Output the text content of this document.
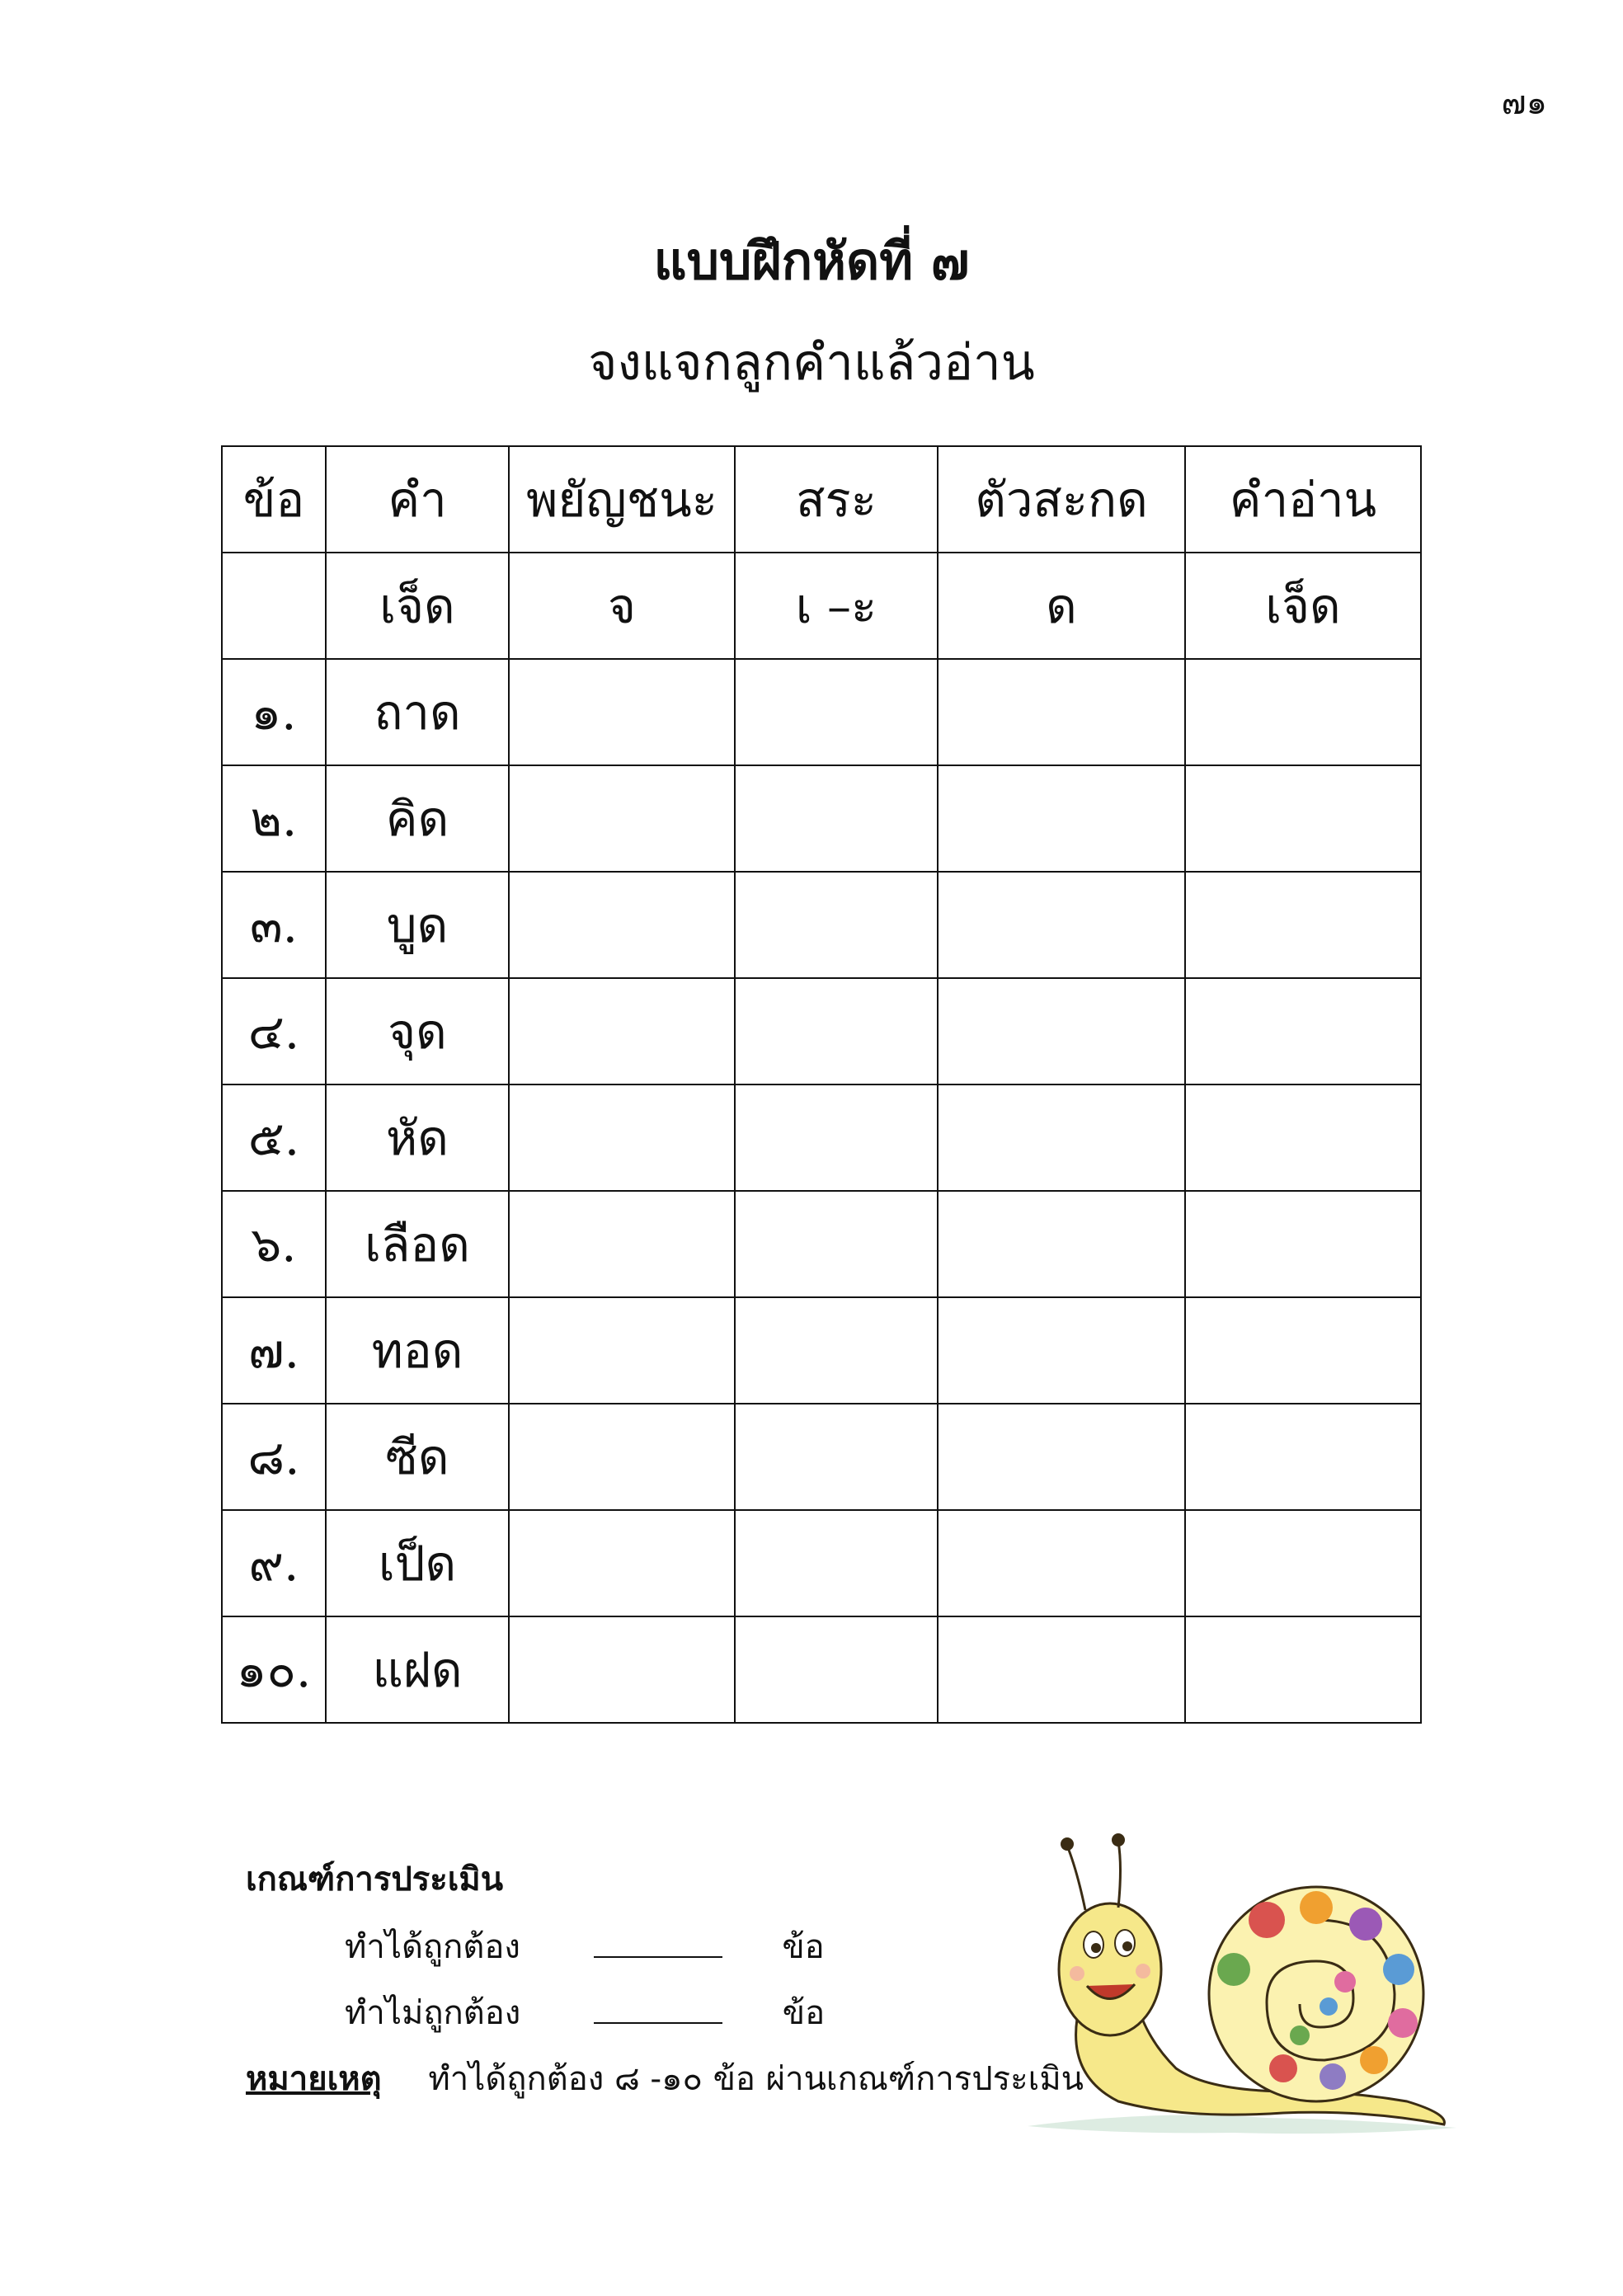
๗๑
แบบฝึกหัดที่ ๗
จงแจกลูกคำแล้วอ่าน
ข้อ	คำ	พยัญชนะ	สระ	ตัวสะกด	คำอ่าน
	เจ็ด	จ	เ –ะ	ด	เจ็ด
๑.	ถาด				
๒.	คิด				
๓.	บูด				
๔.	จุด				
๕.	หัด				
๖.	เลือด				
๗.	ทอด				
๘.	ซีด				
๙.	เป็ด				
๑๐.	แฝด				
เกณฑ์การประเมิน
ทำได้ถูกต้อง	ข้อ
ทำไม่ถูกต้อง	ข้อ
หมายเหตุ ทำได้ถูกต้อง ๘ -๑๐ ข้อ ผ่านเกณฑ์การประเมิน
